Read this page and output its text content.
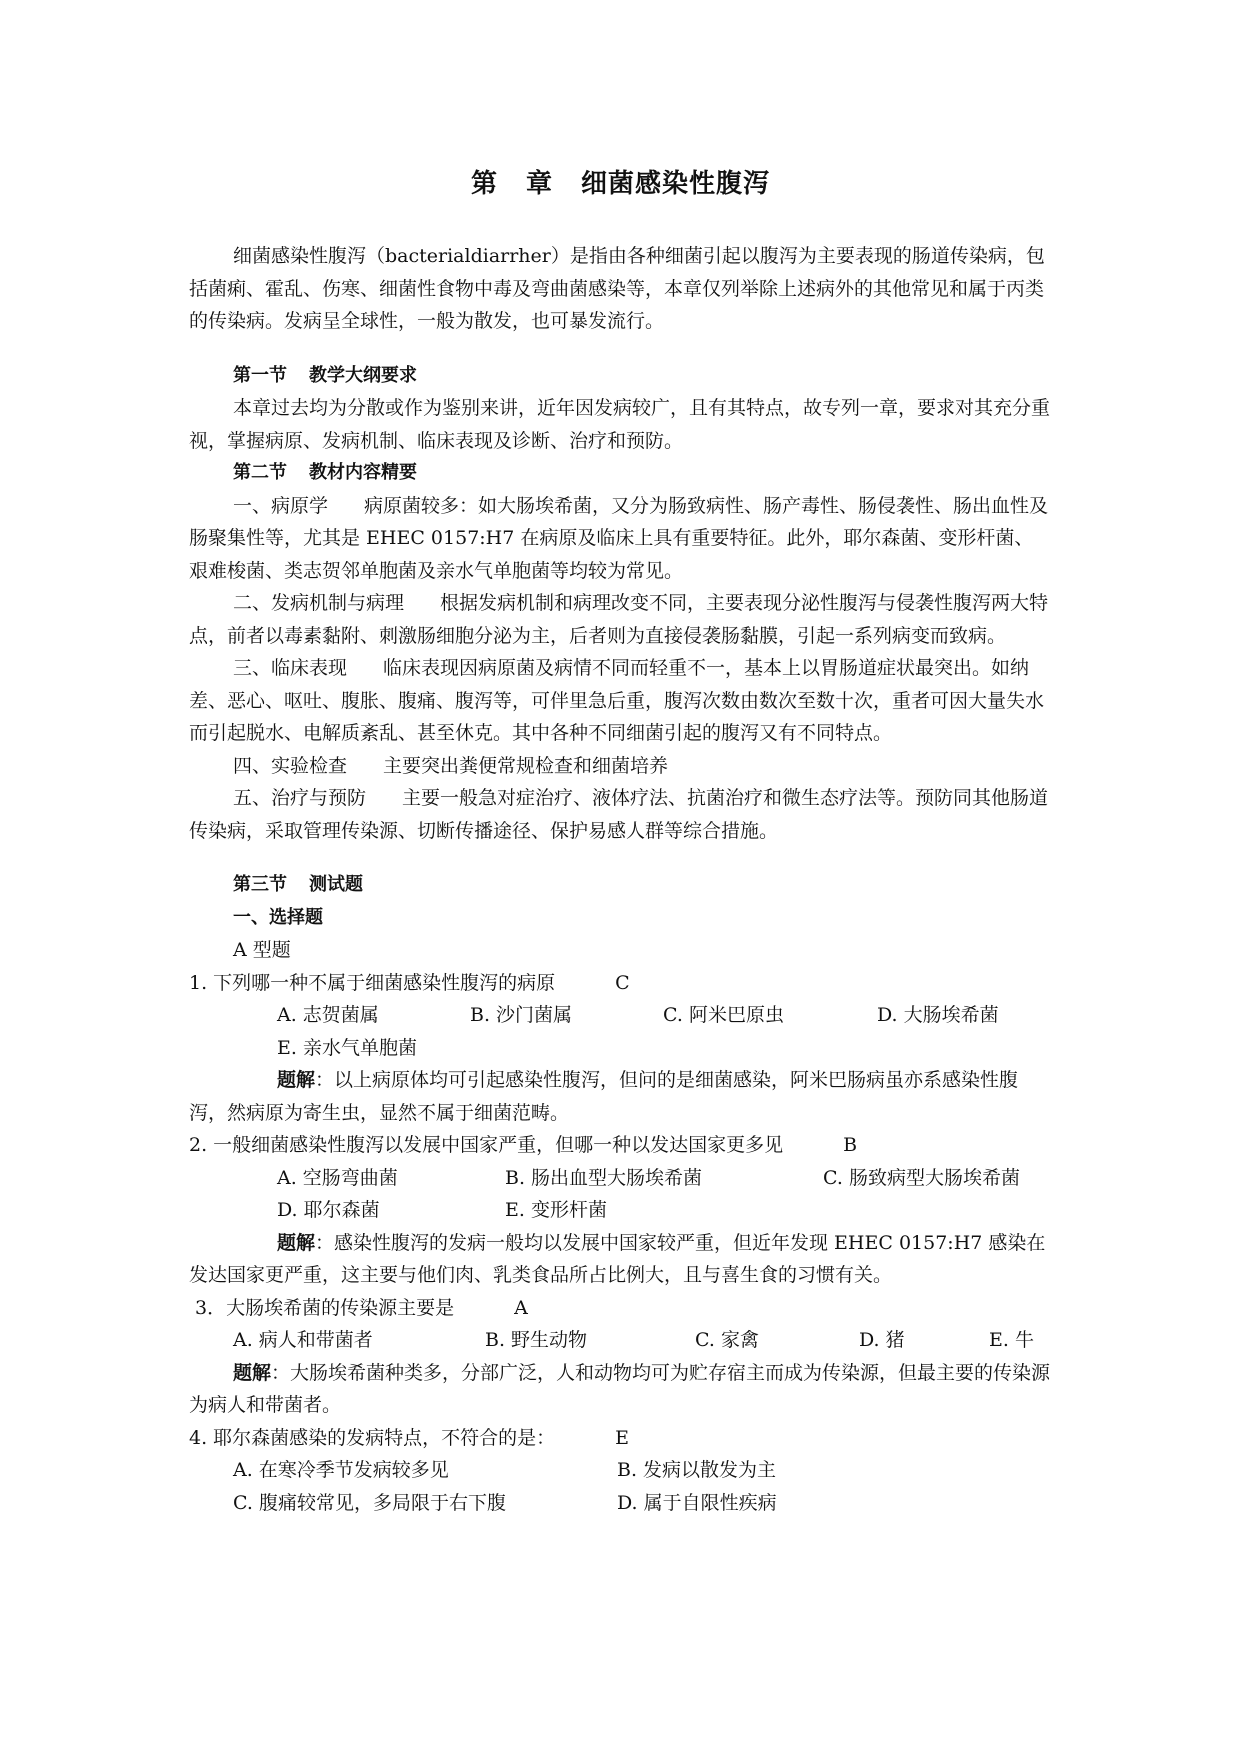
第 章 细菌感染性腹泻

细菌感染性腹泻（bacterialdiarrher）是指由各种细菌引起以腹泻为主要表现的肠道传染病，包括菌痢、霍乱、伤寒、细菌性食物中毒及弯曲菌感染等，本章仅列举除上述病外的其他常见和属于丙类的传染病。发病呈全球性，一般为散发，也可暴发流行。

第一节 教学大纲要求

本章过去均为分散或作为鉴别来讲，近年因发病较广，且有其特点，故专列一章，要求对其充分重视，掌握病原、发病机制、临床表现及诊断、治疗和预防。

第二节 教材内容精要

一、病原学 病原菌较多：如大肠埃希菌，又分为肠致病性、肠产毒性、肠侵袭性、肠出血性及肠聚集性等，尤其是 EHEC 0157:H7 在病原及临床上具有重要特征。此外，耶尔森菌、变形杆菌、艰难梭菌、类志贺邻单胞菌及亲水气单胞菌等均较为常见。

二、发病机制与病理 根据发病机制和病理改变不同，主要表现分泌性腹泻与侵袭性腹泻两大特点，前者以毒素黏附、刺激肠细胞分泌为主，后者则为直接侵袭肠黏膜，引起一系列病变而致病。

三、临床表现 临床表现因病原菌及病情不同而轻重不一，基本上以胃肠道症状最突出。如纳差、恶心、呕吐、腹胀、腹痛、腹泻等，可伴里急后重，腹泻次数由数次至数十次，重者可因大量失水而引起脱水、电解质紊乱、甚至休克。其中各种不同细菌引起的腹泻又有不同特点。

四、实验检查 主要突出粪便常规检查和细菌培养

五、治疗与预防 主要一般急对症治疗、液体疗法、抗菌治疗和微生态疗法等。预防同其他肠道传染病，采取管理传染源、切断传播途径、保护易感人群等综合措施。

第三节 测试题

一、选择题

A 型题

1. 下列哪一种不属于细菌感染性腹泻的病原	C

A. 志贺菌属	B. 沙门菌属	C. 阿米巴原虫	D. 大肠埃希菌

E. 亲水气单胞菌

题解：以上病原体均可引起感染性腹泻，但问的是细菌感染，阿米巴肠病虽亦系感染性腹泻，然病原为寄生虫，显然不属于细菌范畴。

2. 一般细菌感染性腹泻以发展中国家严重，但哪一种以发达国家更多见	B

A. 空肠弯曲菌	B. 肠出血型大肠埃希菌	C. 肠致病型大肠埃希菌

D. 耶尔森菌	E. 变形杆菌

题解：感染性腹泻的发病一般均以发展中国家较严重，但近年发现 EHEC 0157:H7 感染在发达国家更严重，这主要与他们肉、乳类食品所占比例大，且与喜生食的习惯有关。

3．大肠埃希菌的传染源主要是	A

A. 病人和带菌者	B. 野生动物	C. 家禽	D. 猪	E. 牛

题解：大肠埃希菌种类多，分部广泛，人和动物均可为贮存宿主而成为传染源，但最主要的传染源为病人和带菌者。

4. 耶尔森菌感染的发病特点，不符合的是：	E

A. 在寒冷季节发病较多见	B. 发病以散发为主

C. 腹痛较常见，多局限于右下腹	D. 属于自限性疾病
